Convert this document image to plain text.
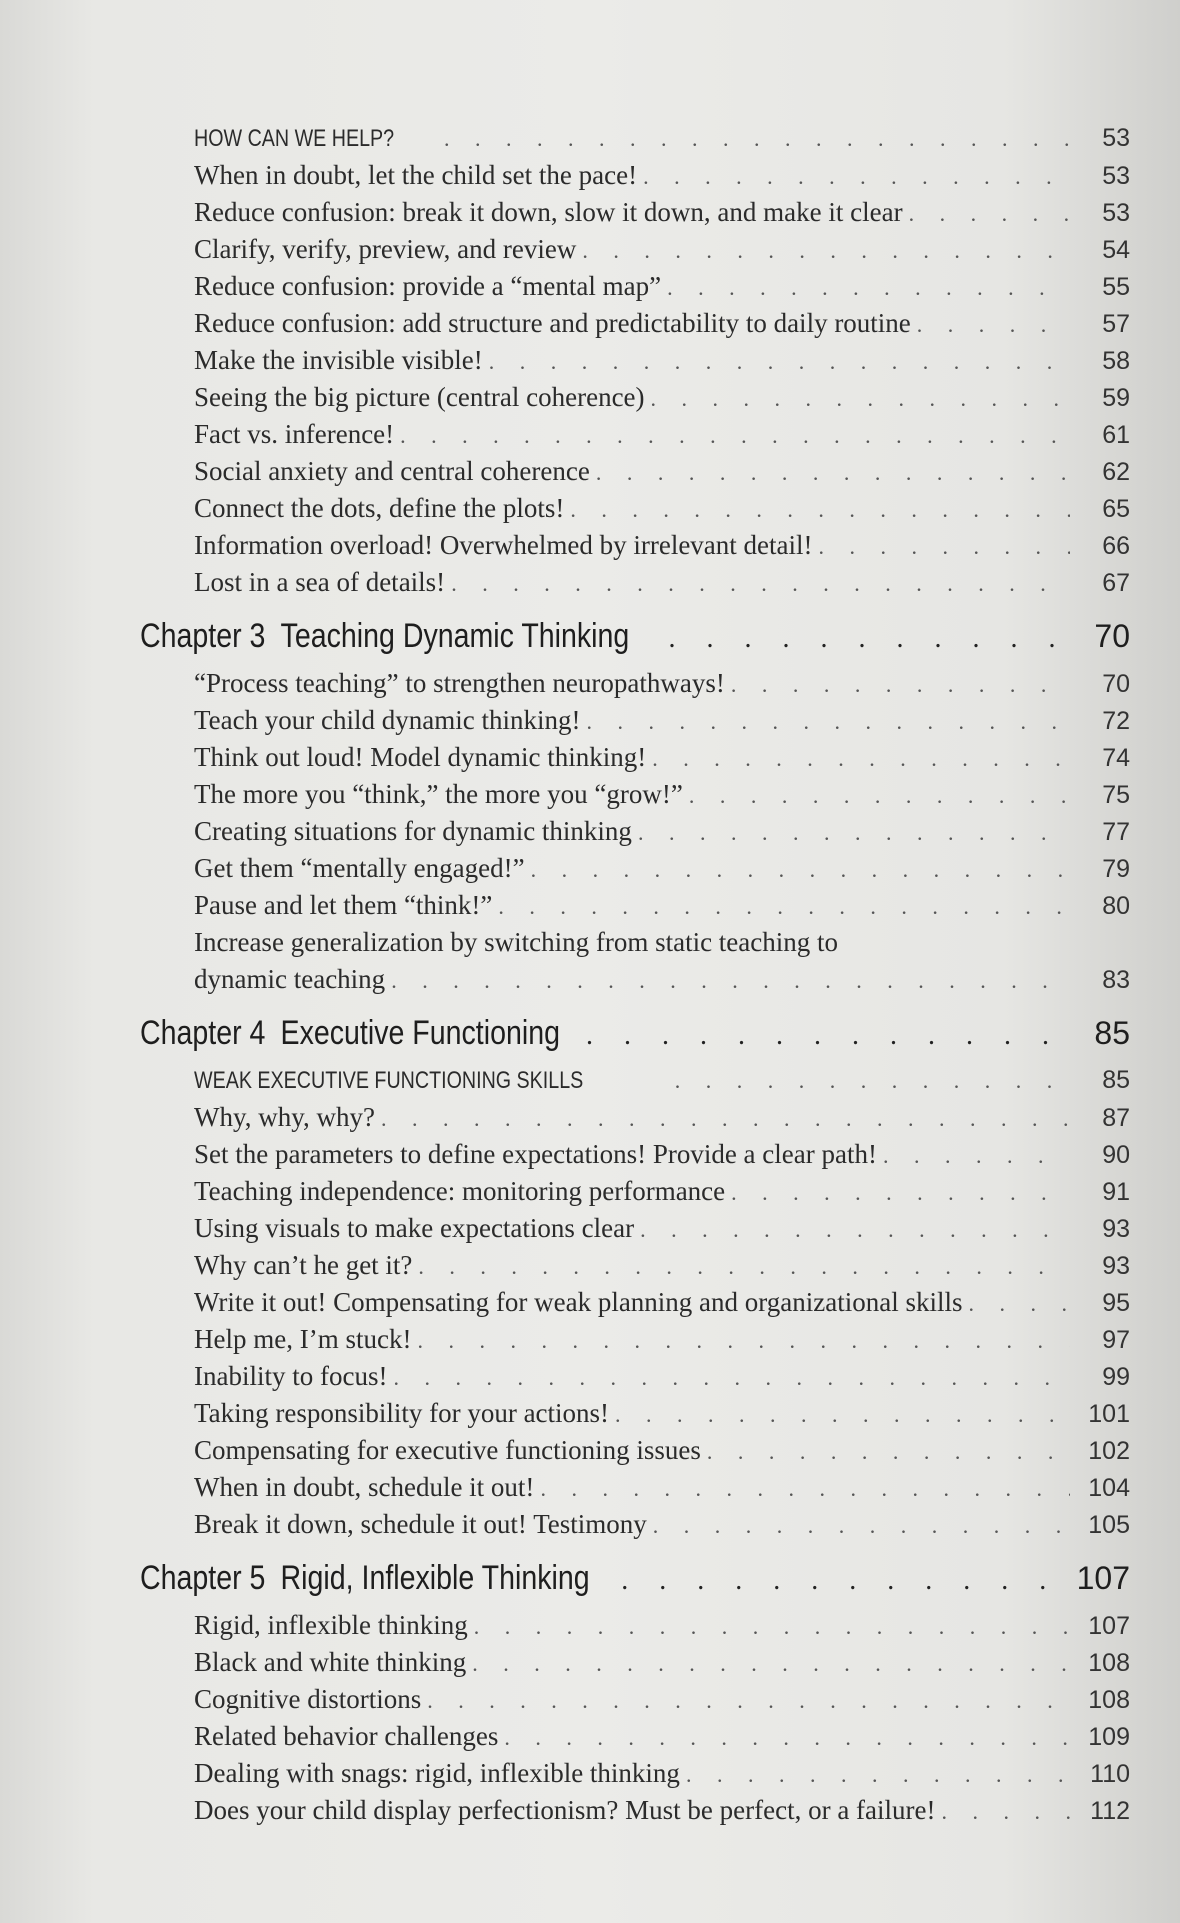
HOW CAN WE HELP? . . .	53
When in doubt, let the child set the pace! . . .	53
Reduce confusion: break it down, slow it down, and make it clear . . .	53
Clarify, verify, preview, and review . . .	54
Reduce confusion: provide a “mental map” . . .	55
Reduce confusion: add structure and predictability to daily routine . . .	57
Make the invisible visible! . . .	58
Seeing the big picture (central coherence) . . .	59
Fact vs. inference! . . .	61
Social anxiety and central coherence . . .	62
Connect the dots, define the plots! . . .	65
Information overload! Overwhelmed by irrelevant detail! . . .	66
Lost in a sea of details! . . .	67
Chapter 3 Teaching Dynamic Thinking . . .	70
“Process teaching” to strengthen neuropathways! . . .	70
Teach your child dynamic thinking! . . .	72
Think out loud! Model dynamic thinking! . . .	74
The more you “think,” the more you “grow!” . . .	75
Creating situations for dynamic thinking . . .	77
Get them “mentally engaged!” . . .	79
Pause and let them “think!” . . .	80
Increase generalization by switching from static teaching to
dynamic teaching . . .	83
Chapter 4 Executive Functioning . . .	85
WEAK EXECUTIVE FUNCTIONING SKILLS . . .	85
Why, why, why? . . .	87
Set the parameters to define expectations! Provide a clear path! . . .	90
Teaching independence: monitoring performance . . .	91
Using visuals to make expectations clear . . .	93
Why can’t he get it? . . .	93
Write it out! Compensating for weak planning and organizational skills . . .	95
Help me, I’m stuck! . . .	97
Inability to focus! . . .	99
Taking responsibility for your actions! . . .	101
Compensating for executive functioning issues . . .	102
When in doubt, schedule it out! . . .	104
Break it down, schedule it out! Testimony . . .	105
Chapter 5 Rigid, Inflexible Thinking . . .	107
Rigid, inflexible thinking . . .	107
Black and white thinking . . .	108
Cognitive distortions . . .	108
Related behavior challenges . . .	109
Dealing with snags: rigid, inflexible thinking . . .	110
Does your child display perfectionism? Must be perfect, or a failure! . . .	112
